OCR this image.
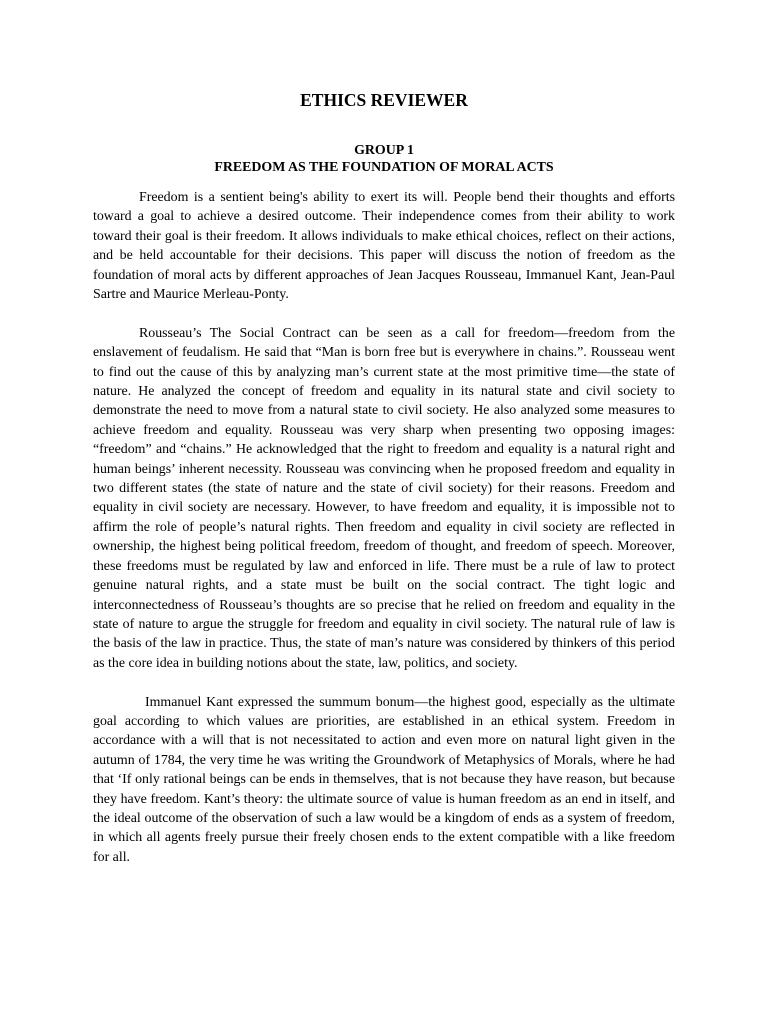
ETHICS REVIEWER
GROUP 1
FREEDOM AS THE FOUNDATION OF MORAL ACTS

Freedom is a sentient being's ability to exert its will. People bend their thoughts and efforts toward a goal to achieve a desired outcome. Their independence comes from their ability to work toward their goal is their freedom. It allows individuals to make ethical choices, reflect on their actions, and be held accountable for their decisions. This paper will discuss the notion of freedom as the foundation of moral acts by different approaches of Jean Jacques Rousseau, Immanuel Kant, Jean-Paul Sartre and Maurice Merleau-Ponty.

Rousseau’s The Social Contract can be seen as a call for freedom—freedom from the enslavement of feudalism. He said that “Man is born free but is everywhere in chains.”. Rousseau went to find out the cause of this by analyzing man’s current state at the most primitive time—the state of nature. He analyzed the concept of freedom and equality in its natural state and civil society to demonstrate the need to move from a natural state to civil society. He also analyzed some measures to achieve freedom and equality. Rousseau was very sharp when presenting two opposing images: “freedom” and “chains.” He acknowledged that the right to freedom and equality is a natural right and human beings’ inherent necessity. Rousseau was convincing when he proposed freedom and equality in two different states (the state of nature and the state of civil society) for their reasons. Freedom and equality in civil society are necessary. However, to have freedom and equality, it is impossible not to affirm the role of people’s natural rights. Then freedom and equality in civil society are reflected in ownership, the highest being political freedom, freedom of thought, and freedom of speech. Moreover, these freedoms must be regulated by law and enforced in life. There must be a rule of law to protect genuine natural rights, and a state must be built on the social contract. The tight logic and interconnectedness of Rousseau’s thoughts are so precise that he relied on freedom and equality in the state of nature to argue the struggle for freedom and equality in civil society. The natural rule of law is the basis of the law in practice. Thus, the state of man’s nature was considered by thinkers of this period as the core idea in building notions about the state, law, politics, and society.

Immanuel Kant expressed the summum bonum—the highest good, especially as the ultimate goal according to which values are priorities, are established in an ethical system. Freedom in accordance with a will that is not necessitated to action and even more on natural light given in the autumn of 1784, the very time he was writing the Groundwork of Metaphysics of Morals, where he had that ‘If only rational beings can be ends in themselves, that is not because they have reason, but because they have freedom. Kant’s theory: the ultimate source of value is human freedom as an end in itself, and the ideal outcome of the observation of such a law would be a kingdom of ends as a system of freedom, in which all agents freely pursue their freely chosen ends to the extent compatible with a like freedom for all.
